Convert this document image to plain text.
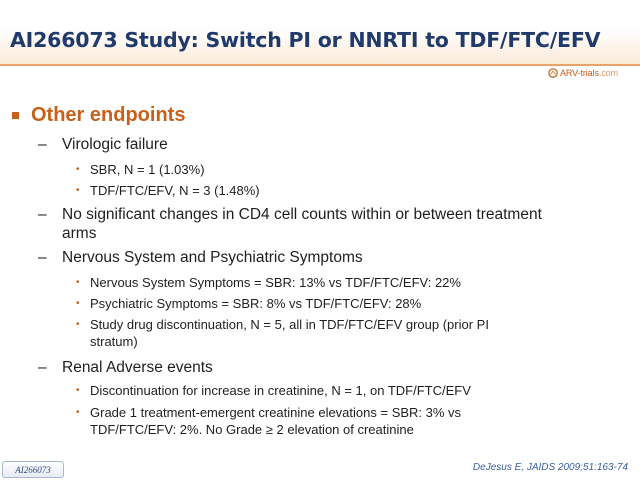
AI266073 Study: Switch PI or NNRTI to TDF/FTC/EFV
ARV-trials.com
Other endpoints
– Virologic failure
• SBR, N = 1 (1.03%)
• TDF/FTC/EFV, N = 3 (1.48%)
– No significant changes in CD4 cell counts within or between treatment arms
– Nervous System and Psychiatric Symptoms
• Nervous System Symptoms = SBR: 13% vs TDF/FTC/EFV: 22%
• Psychiatric Symptoms = SBR: 8% vs TDF/FTC/EFV: 28%
• Study drug discontinuation, N = 5, all in TDF/FTC/EFV group (prior PI stratum)
– Renal Adverse events
• Discontinuation for increase in creatinine, N = 1, on TDF/FTC/EFV
• Grade 1 treatment-emergent creatinine elevations = SBR: 3% vs TDF/FTC/EFV: 2%. No Grade ≥ 2 elevation of creatinine
AI266073	DeJesus E, JAIDS 2009;51:163-74
